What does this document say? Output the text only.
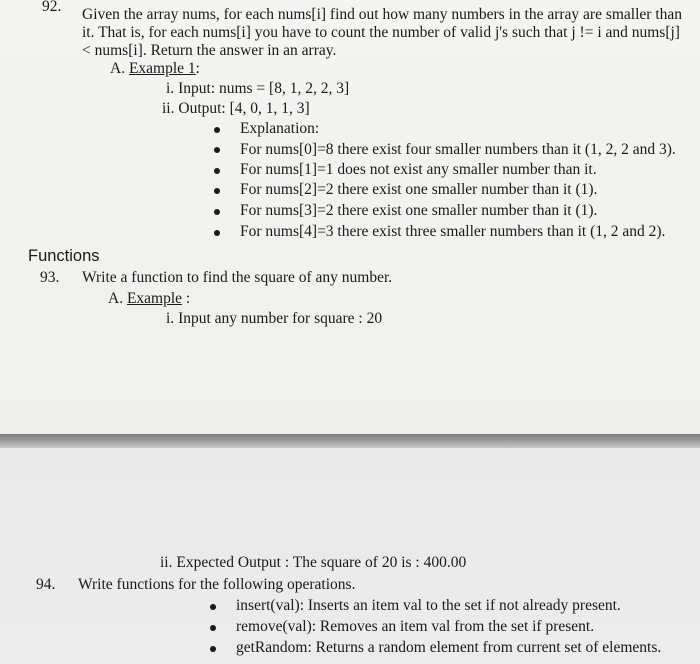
92. Given the array nums, for each nums[i] find out how many numbers in the array are smaller than
it. That is, for each nums[i] you have to count the number of valid j's such that j != i and nums[j]
< nums[i]. Return the answer in an array.
A. Example 1:
i. Input: nums = [8, 1, 2, 2, 3]
ii. Output: [4, 0, 1, 1, 3]
Explanation:
For nums[0]=8 there exist four smaller numbers than it (1, 2, 2 and 3).
For nums[1]=1 does not exist any smaller number than it.
For nums[2]=2 there exist one smaller number than it (1).
For nums[3]=2 there exist one smaller number than it (1).
For nums[4]=3 there exist three smaller numbers than it (1, 2 and 2).
Functions
93. Write a function to find the square of any number.
A. Example :
i. Input any number for square : 20
ii. Expected Output : The square of 20 is : 400.00
94. Write functions for the following operations.
insert(val): Inserts an item val to the set if not already present.
remove(val): Removes an item val from the set if present.
getRandom: Returns a random element from current set of elements.
